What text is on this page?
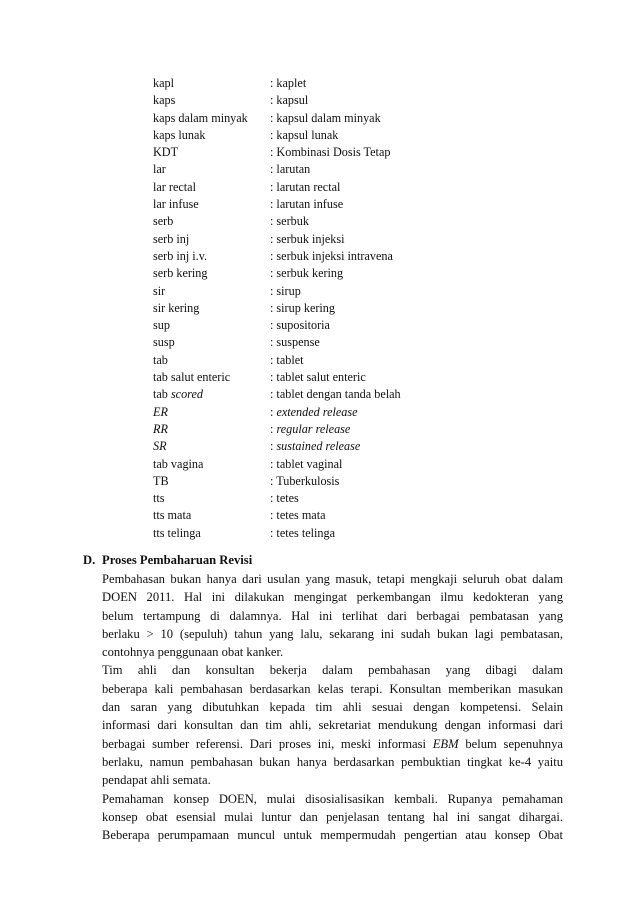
kapl	: kaplet
kaps	: kapsul
kaps dalam minyak	: kapsul dalam minyak
kaps lunak	: kapsul lunak
KDT	: Kombinasi Dosis Tetap
lar	: larutan
lar rectal	: larutan rectal
lar infuse	: larutan infuse
serb	: serbuk
serb inj	: serbuk injeksi
serb inj i.v.	: serbuk injeksi intravena
serb kering	: serbuk kering
sir	: sirup
sir kering	: sirup kering
sup	: supositoria
susp	: suspense
tab	: tablet
tab salut enteric	: tablet salut enteric
tab scored	: tablet dengan tanda belah
ER	: extended release
RR	: regular release
SR	: sustained release
tab vagina	: tablet vaginal
TB	: Tuberkulosis
tts	: tetes
tts mata	: tetes mata
tts telinga	: tetes telinga
D. Proses Pembaharuan Revisi
Pembahasan bukan hanya dari usulan yang masuk, tetapi mengkaji seluruh obat dalam
DOEN 2011. Hal ini dilakukan mengingat perkembangan ilmu kedokteran yang
belum tertampung di dalamnya. Hal ini terlihat dari berbagai pembatasan yang
berlaku > 10 (sepuluh) tahun yang lalu, sekarang ini sudah bukan lagi pembatasan,
contohnya penggunaan obat kanker.
Tim ahli dan konsultan bekerja dalam pembahasan yang dibagi dalam
beberapa kali pembahasan berdasarkan kelas terapi. Konsultan memberikan masukan
dan saran yang dibutuhkan kepada tim ahli sesuai dengan kompetensi. Selain
informasi dari konsultan dan tim ahli, sekretariat mendukung dengan informasi dari
berbagai sumber referensi. Dari proses ini, meski informasi EBM belum sepenuhnya
berlaku, namun pembahasan bukan hanya berdasarkan pembuktian tingkat ke-4 yaitu
pendapat ahli semata.
Pemahaman konsep DOEN, mulai disosialisasikan kembali. Rupanya pemahaman
konsep obat esensial mulai luntur dan penjelasan tentang hal ini sangat dihargai.
Beberapa perumpamaan muncul untuk mempermudah pengertian atau konsep Obat
